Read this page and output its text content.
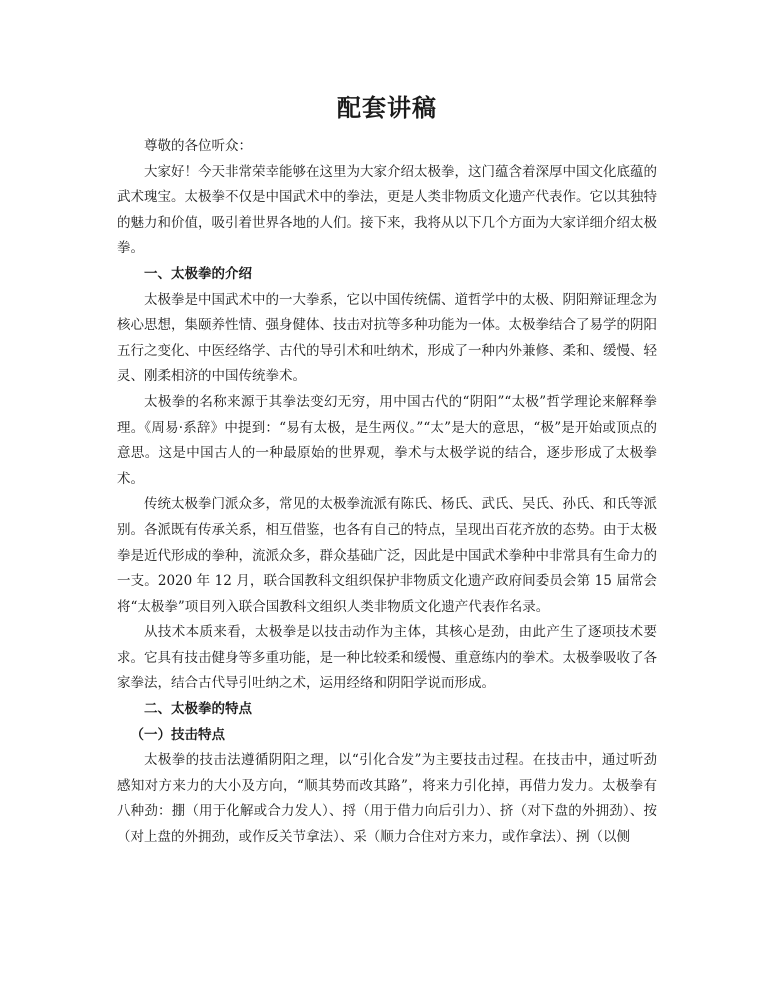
配套讲稿

尊敬的各位听众：

大家好！今天非常荣幸能够在这里为大家介绍太极拳，这门蕴含着深厚中国文化底蕴的武术瑰宝。太极拳不仅是中国武术中的拳法，更是人类非物质文化遗产代表作。它以其独特的魅力和价值，吸引着世界各地的人们。接下来，我将从以下几个方面为大家详细介绍太极拳。

一、太极拳的介绍

太极拳是中国武术中的一大拳系，它以中国传统儒、道哲学中的太极、阴阳辩证理念为核心思想，集颐养性情、强身健体、技击对抗等多种功能为一体。太极拳结合了易学的阴阳五行之变化、中医经络学、古代的导引术和吐纳术，形成了一种内外兼修、柔和、缓慢、轻灵、刚柔相济的中国传统拳术。

太极拳的名称来源于其拳法变幻无穷，用中国古代的“阴阳”“太极”哲学理论来解释拳理。《周易·系辞》中提到：“易有太极，是生两仪。”“太”是大的意思，“极”是开始或顶点的意思。这是中国古人的一种最原始的世界观，拳术与太极学说的结合，逐步形成了太极拳术。

传统太极拳门派众多，常见的太极拳流派有陈氏、杨氏、武氏、吴氏、孙氏、和氏等派别。各派既有传承关系，相互借鉴，也各有自己的特点，呈现出百花齐放的态势。由于太极拳是近代形成的拳种，流派众多，群众基础广泛，因此是中国武术拳种中非常具有生命力的一支。2020 年 12 月，联合国教科文组织保护非物质文化遗产政府间委员会第 15 届常会将“太极拳”项目列入联合国教科文组织人类非物质文化遗产代表作名录。

从技术本质来看，太极拳是以技击动作为主体，其核心是劲，由此产生了逐项技术要求。它具有技击健身等多重功能，是一种比较柔和缓慢、重意练内的拳术。太极拳吸收了各家拳法，结合古代导引吐纳之术，运用经络和阴阳学说而形成。

二、太极拳的特点

（一）技击特点

太极拳的技击法遵循阴阳之理，以“引化合发”为主要技击过程。在技击中，通过听劲感知对方来力的大小及方向，“顺其势而改其路”，将来力引化掉，再借力发力。太极拳有八种劲：掤（用于化解或合力发人）、捋（用于借力向后引力）、挤（对下盘的外拥劲）、按（对上盘的外拥劲，或作反关节拿法）、采（顺力合住对方来力，或作拿法）、挒（以侧
